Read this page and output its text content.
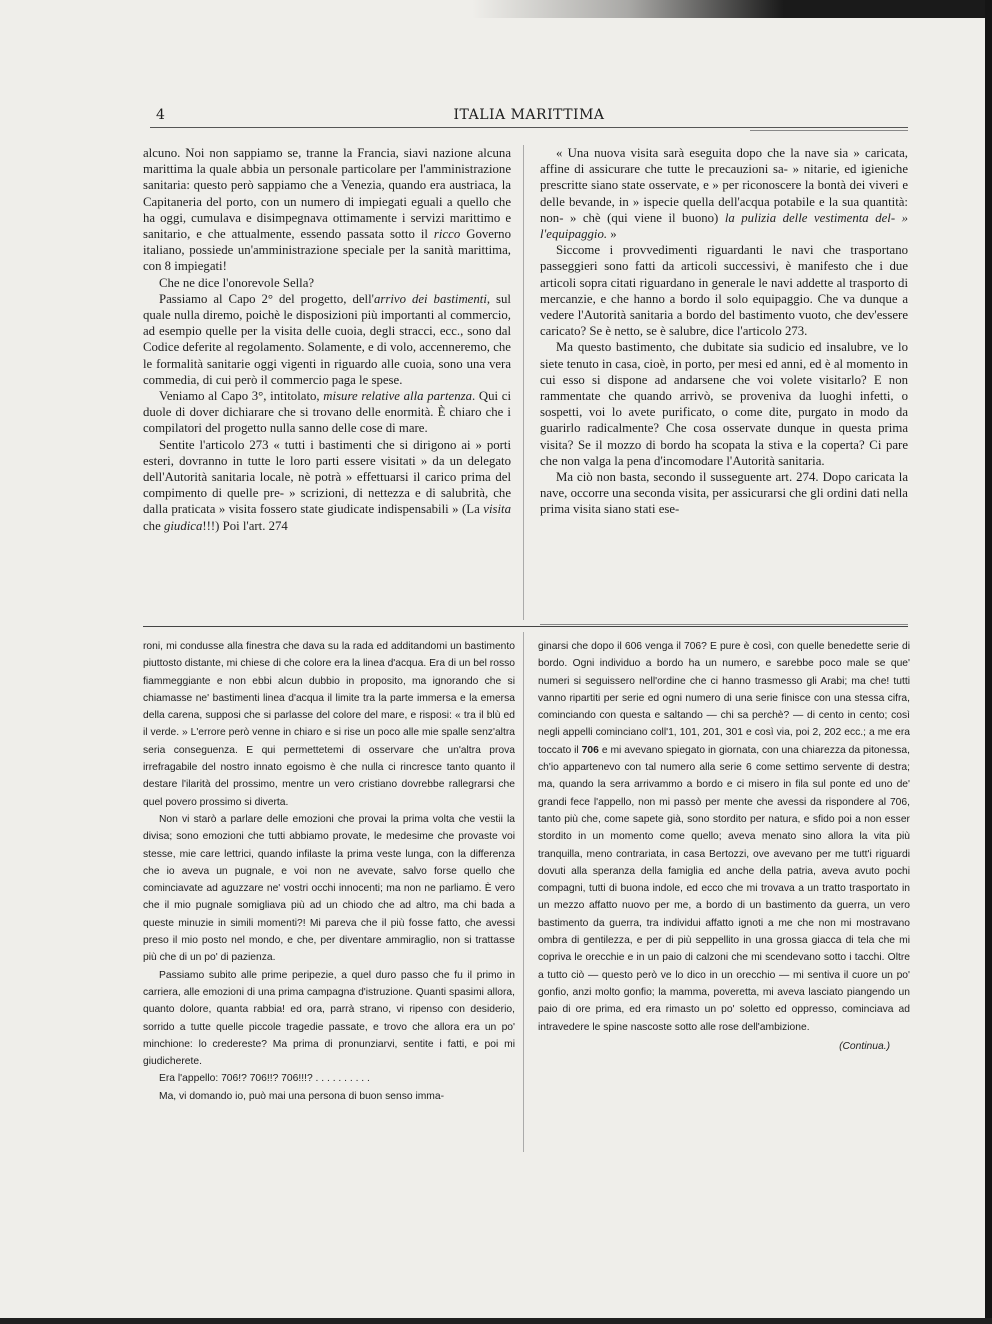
4	ITALIA MARITTIMA

alcuno. Noi non sappiamo se, tranne la Francia, siavi nazione alcuna marittima la quale abbia un personale particolare per l'amministrazione sanitaria: questo però sappiamo che a Venezia, quando era austriaca, la Capitaneria del porto, con un numero di impiegati eguali a quello che ha oggi, cumulava e disimpegnava ottimamente i servizi marittimo e sanitario, e che attualmente, essendo passata sotto il ricco Governo italiano, possiede un'amministrazione speciale per la sanità marittima, con 8 impiegati!

Che ne dice l'onorevole Sella?

Passiamo al Capo 2° del progetto, dell'arrivo dei bastimenti, sul quale nulla diremo, poichè le disposizioni più importanti al commercio, ad esempio quelle per la visita delle cuoia, degli stracci, ecc., sono dal Codice deferite al regolamento. Solamente, e di volo, accenneremo, che le formalità sanitarie oggi vigenti in riguardo alle cuoia, sono una vera commedia, di cui però il commercio paga le spese.

Veniamo al Capo 3°, intitolato, misure relative alla partenza. Qui ci duole di dover dichiarare che si trovano delle enormità. È chiaro che i compilatori del progetto nulla sanno delle cose di mare.

Sentite l'articolo 273 « tutti i bastimenti che si dirigono ai » porti esteri, dovranno in tutte le loro parti essere visitati » da un delegato dell'Autorità sanitaria locale, nè potrà » effettuarsi il carico prima del compimento di quelle pre- » scrizioni, di nettezza e di salubrità, che dalla praticata » visita fossero state giudicate indispensabili » (La visita che giudica!!!) Poi l'art. 274

« Una nuova visita sarà eseguita dopo che la nave sia » caricata, affine di assicurare che tutte le precauzioni sa- » nitarie, ed igieniche prescritte siano state osservate, e » per riconoscere la bontà dei viveri e delle bevande, in » ispecie quella dell'acqua potabile e la sua quantità: non- » chè (qui viene il buono) la pulizia delle vestimenta del- » l'equipaggio. »

Siccome i provvedimenti riguardanti le navi che trasportano passeggieri sono fatti da articoli successivi, è manifesto che i due articoli sopra citati riguardano in generale le navi addette al trasporto di mercanzie, e che hanno a bordo il solo equipaggio. Che va dunque a vedere l'Autorità sanitaria a bordo del bastimento vuoto, che dev'essere caricato? Se è netto, se è salubre, dice l'articolo 273.

Ma questo bastimento, che dubitate sia sudicio ed insalubre, ve lo siete tenuto in casa, cioè, in porto, per mesi ed anni, ed è al momento in cui esso si dispone ad andarsene che voi volete visitarlo? E non rammentate che quando arrivò, se proveniva da luoghi infetti, o sospetti, voi lo avete purificato, o come dite, purgato in modo da guarirlo radicalmente? Che cosa osservate dunque in questa prima visita? Se il mozzo di bordo ha scopata la stiva e la coperta? Ci pare che non valga la pena d'incomodare l'Autorità sanitaria.

Ma ciò non basta, secondo il susseguente art. 274. Dopo caricata la nave, occorre una seconda visita, per assicurarsi che gli ordini dati nella prima visita siano stati ese-

roni, mi condusse alla finestra che dava su la rada ed additandomi un bastimento piuttosto distante, mi chiese di che colore era la linea d'acqua. Era di un bel rosso fiammeggiante e non ebbi alcun dubbio in proposito, ma ignorando che si chiamasse ne' bastimenti linea d'acqua il limite tra la parte immersa e la emersa della carena, supposi che si parlasse del colore del mare, e risposi: « tra il blù ed il verde. » L'errore però venne in chiaro e si rise un poco alle mie spalle senz'altra seria conseguenza. E qui permettetemi di osservare che un'altra prova irrefragabile del nostro innato egoismo è che nulla ci rincresce tanto quanto il destare l'ilarità del prossimo, mentre un vero cristiano dovrebbe rallegrarsi che quel povero prossimo si diverta.

Non vi starò a parlare delle emozioni che provai la prima volta che vestii la divisa; sono emozioni che tutti abbiamo provate, le medesime che provaste voi stesse, mie care lettrici, quando infilaste la prima veste lunga, con la differenza che io aveva un pugnale, e voi non ne avevate, salvo forse quello che cominciavate ad aguzzare ne' vostri occhi innocenti; ma non ne parliamo. È vero che il mio pugnale somigliava più ad un chiodo che ad altro, ma chi bada a queste minuzie in simili momenti?! Mi pareva che il più fosse fatto, che avessi preso il mio posto nel mondo, e che, per diventare ammiraglio, non si trattasse più che di un po' di pazienza.

Passiamo subito alle prime peripezie, a quel duro passo che fu il primo in carriera, alle emozioni di una prima campagna d'istruzione. Quanti spasimi allora, quanto dolore, quanta rabbia! ed ora, parrà strano, vi ripenso con desiderio, sorrido a tutte quelle piccole tragedie passate, e trovo che allora era un po' minchione: lo credereste? Ma prima di pronunziarvi, sentite i fatti, e poi mi giudicherete.

Era l'appello: 706!? 706!!? 706!!!? . . . . . . . . . .

Ma, vi domando io, può mai una persona di buon senso imma-

ginarsi che dopo il 606 venga il 706? E pure è così, con quelle benedette serie di bordo. Ogni individuo a bordo ha un numero, e sarebbe poco male se que' numeri si seguissero nell'ordine che ci hanno trasmesso gli Arabi; ma che! tutti vanno ripartiti per serie ed ogni numero di una serie finisce con una stessa cifra, cominciando con questa e saltando — chi sa perchè? — di cento in cento; così negli appelli cominciano coll'1, 101, 201, 301 e così via, poi 2, 202 ecc.; a me era toccato il 706 e mi avevano spiegato in giornata, con una chiarezza da pitonessa, ch'io appartenevo con tal numero alla serie 6 come settimo servente di destra; ma, quando la sera arrivammo a bordo e ci misero in fila sul ponte ed uno de' grandi fece l'appello, non mi passò per mente che avessi da rispondere al 706, tanto più che, come sapete già, sono stordito per natura, e sfido poi a non esser stordito in un momento come quello; aveva menato sino allora la vita più tranquilla, meno contrariata, in casa Bertozzi, ove avevano per me tutt'i riguardi dovuti alla speranza della famiglia ed anche della patria, aveva avuto pochi compagni, tutti di buona indole, ed ecco che mi trovava a un tratto trasportato in un mezzo affatto nuovo per me, a bordo di un bastimento da guerra, un vero bastimento da guerra, tra individui affatto ignoti a me che non mi mostravano ombra di gentilezza, e per di più seppellito in una grossa giacca di tela che mi copriva le orecchie e in un paio di calzoni che mi scendevano sotto i tacchi. Oltre a tutto ciò — questo però ve lo dico in un orecchio — mi sentiva il cuore un po' gonfio, anzi molto gonfio; la mamma, poveretta, mi aveva lasciato piangendo un paio di ore prima, ed era rimasto un po' soletto ed oppresso, cominciava ad intravedere le spine nascoste sotto alle rose dell'ambizione.

(Continua.)
